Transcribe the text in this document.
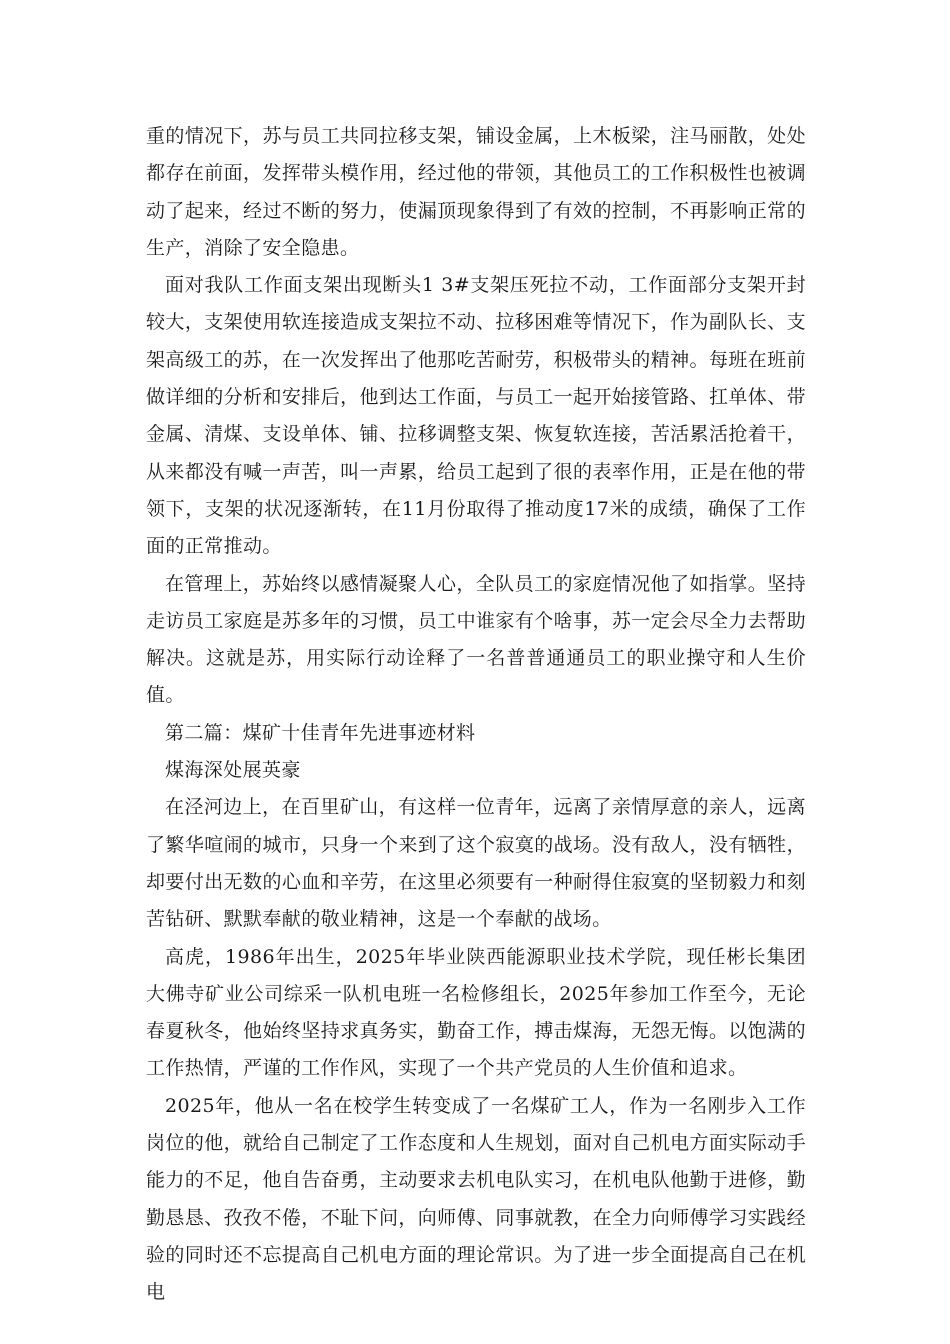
重的情况下，苏与员工共同拉移支架，铺设金属，上木板梁，注马丽散，处处都存在前面，发挥带头模作用，经过他的带领，其他员工的工作积极性也被调动了起来，经过不断的努力，使漏顶现象得到了有效的控制，不再影响正常的生产，消除了安全隐患。

面对我队工作面支架出现断头1 3#支架压死拉不动，工作面部分支架开封较大，支架使用软连接造成支架拉不动、拉移困难等情况下，作为副队长、支架高级工的苏，在一次发挥出了他那吃苦耐劳，积极带头的精神。每班在班前做详细的分析和安排后，他到达工作面，与员工一起开始接管路、扛单体、带金属、清煤、支设单体、铺、拉移调整支架、恢复软连接，苦活累活抢着干，从来都没有喊一声苦，叫一声累，给员工起到了很的表率作用，正是在他的带领下，支架的状况逐渐转，在11月份取得了推动度17米的成绩，确保了工作面的正常推动。

在管理上，苏始终以感情凝聚人心，全队员工的家庭情况他了如指掌。坚持走访员工家庭是苏多年的习惯，员工中谁家有个啥事，苏一定会尽全力去帮助解决。这就是苏，用实际行动诠释了一名普普通通员工的职业操守和人生价值。

第二篇：煤矿十佳青年先进事迹材料

煤海深处展英豪

在泾河边上，在百里矿山，有这样一位青年，远离了亲情厚意的亲人，远离了繁华喧闹的城市，只身一个来到了这个寂寞的战场。没有敌人，没有牺牲，却要付出无数的心血和辛劳，在这里必须要有一种耐得住寂寞的坚韧毅力和刻苦钻研、默默奉献的敬业精神，这是一个奉献的战场。

高虎，1986年出生，2025年毕业陕西能源职业技术学院，现任彬长集团大佛寺矿业公司综采一队机电班一名检修组长，2025年参加工作至今，无论春夏秋冬，他始终坚持求真务实，勤奋工作，搏击煤海，无怨无悔。以饱满的工作热情，严谨的工作作风，实现了一个共产党员的人生价值和追求。

2025年，他从一名在校学生转变成了一名煤矿工人，作为一名刚步入工作岗位的他，就给自己制定了工作态度和人生规划，面对自己机电方面实际动手能力的不足，他自告奋勇，主动要求去机电队实习，在机电队他勤于进修，勤勤恳恳、孜孜不倦，不耻下问，向师傅、同事就教，在全力向师傅学习实践经验的同时还不忘提高自己机电方面的理论常识。为了进一步全面提高自己在机电
